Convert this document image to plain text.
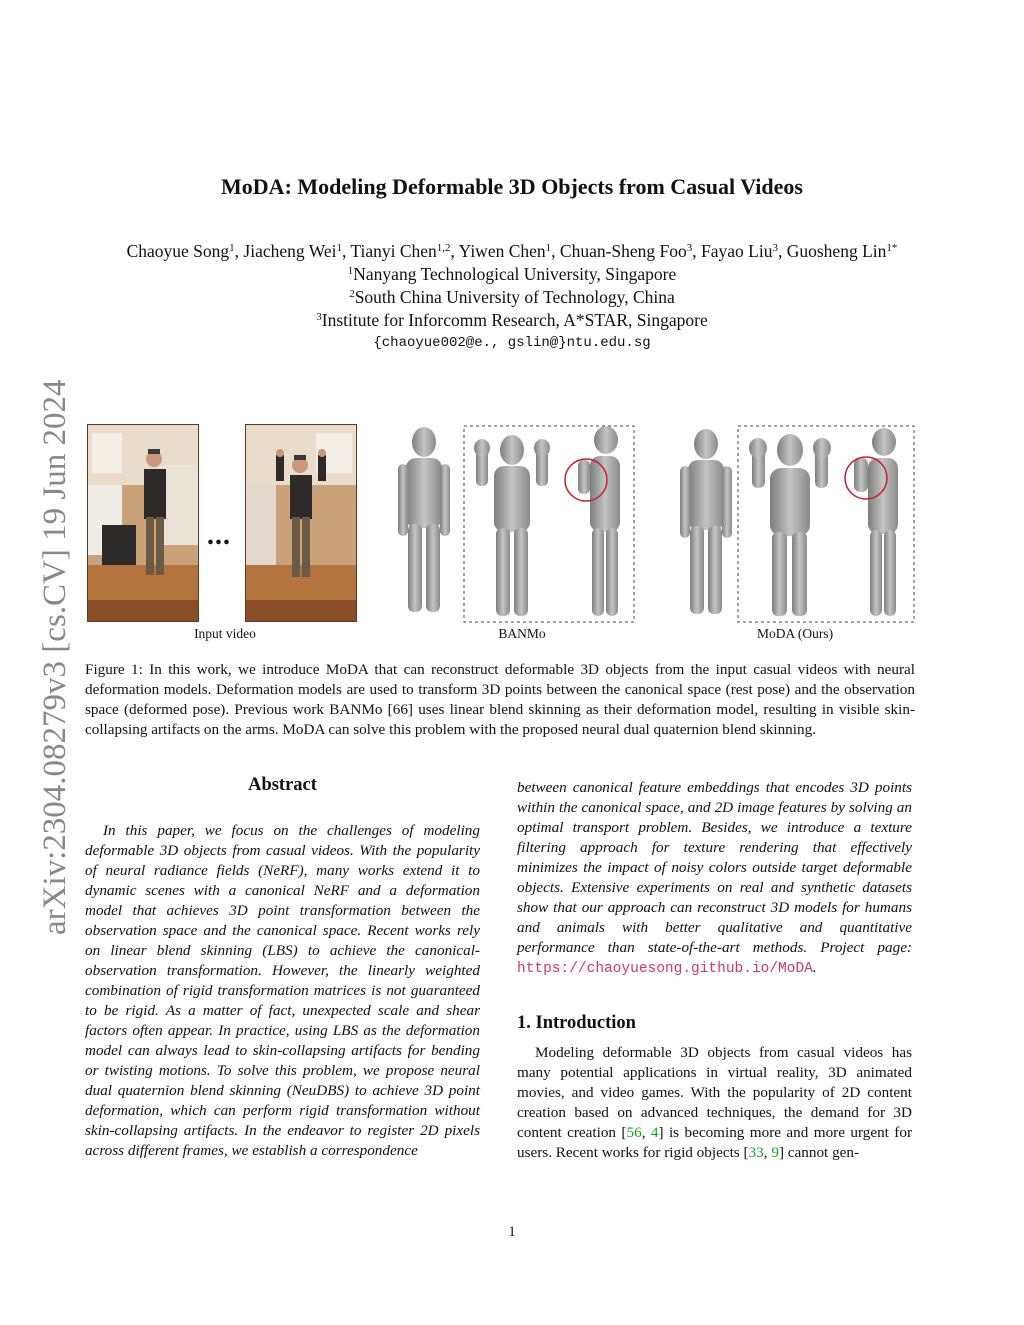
arXiv:2304.08279v3 [cs.CV] 19 Jun 2024
MoDA: Modeling Deformable 3D Objects from Casual Videos
Chaoyue Song$^1$, Jiacheng Wei$^1$, Tianyi Chen$^{1,2}$, Yiwen Chen$^1$, Chuan-Sheng Foo$^3$, Fayao Liu$^3$, Guosheng Lin$^{1*}$
$^1$Nanyang Technological University, Singapore
$^2$South China University of Technology, China
$^3$Institute for Inforcomm Research, A*STAR, Singapore
{chaoyue002@e., gslin@}ntu.edu.sg
...
Input video	BANMo	MoDA (Ours)

Figure 1: In this work, we introduce MoDA that can reconstruct deformable 3D objects from the input casual videos with neural deformation models. Deformation models are used to transform 3D points between the canonical space (rest pose) and the observation space (deformed pose). Previous work BANMo [66] uses linear blend skinning as their deformation model, resulting in visible skin-collapsing artifacts on the arms. MoDA can solve this problem with the proposed neural dual quaternion blend skinning.

Abstract

In this paper, we focus on the challenges of modeling deformable 3D objects from casual videos. With the popularity of neural radiance fields (NeRF), many works extend it to dynamic scenes with a canonical NeRF and a deformation model that achieves 3D point transformation between the observation space and the canonical space. Recent works rely on linear blend skinning (LBS) to achieve the canonical-observation transformation. However, the linearly weighted combination of rigid transformation matrices is not guaranteed to be rigid. As a matter of fact, unexpected scale and shear factors often appear. In practice, using LBS as the deformation model can always lead to skin-collapsing artifacts for bending or twisting motions. To solve this problem, we propose neural dual quaternion blend skinning (NeuDBS) to achieve 3D point deformation, which can perform rigid transformation without skin-collapsing artifacts. In the endeavor to register 2D pixels across different frames, we establish a correspondence

between canonical feature embeddings that encodes 3D points within the canonical space, and 2D image features by solving an optimal transport problem. Besides, we introduce a texture filtering approach for texture rendering that effectively minimizes the impact of noisy colors outside target deformable objects. Extensive experiments on real and synthetic datasets show that our approach can reconstruct 3D models for humans and animals with better qualitative and quantitative performance than state-of-the-art methods. Project page: https://chaoyuesong.github.io/MoDA.

1. Introduction

Modeling deformable 3D objects from casual videos has many potential applications in virtual reality, 3D animated movies, and video games. With the popularity of 2D content creation based on advanced techniques, the demand for 3D content creation [56, 4] is becoming more and more urgent for users. Recent works for rigid objects [33, 9] cannot gen-

1
